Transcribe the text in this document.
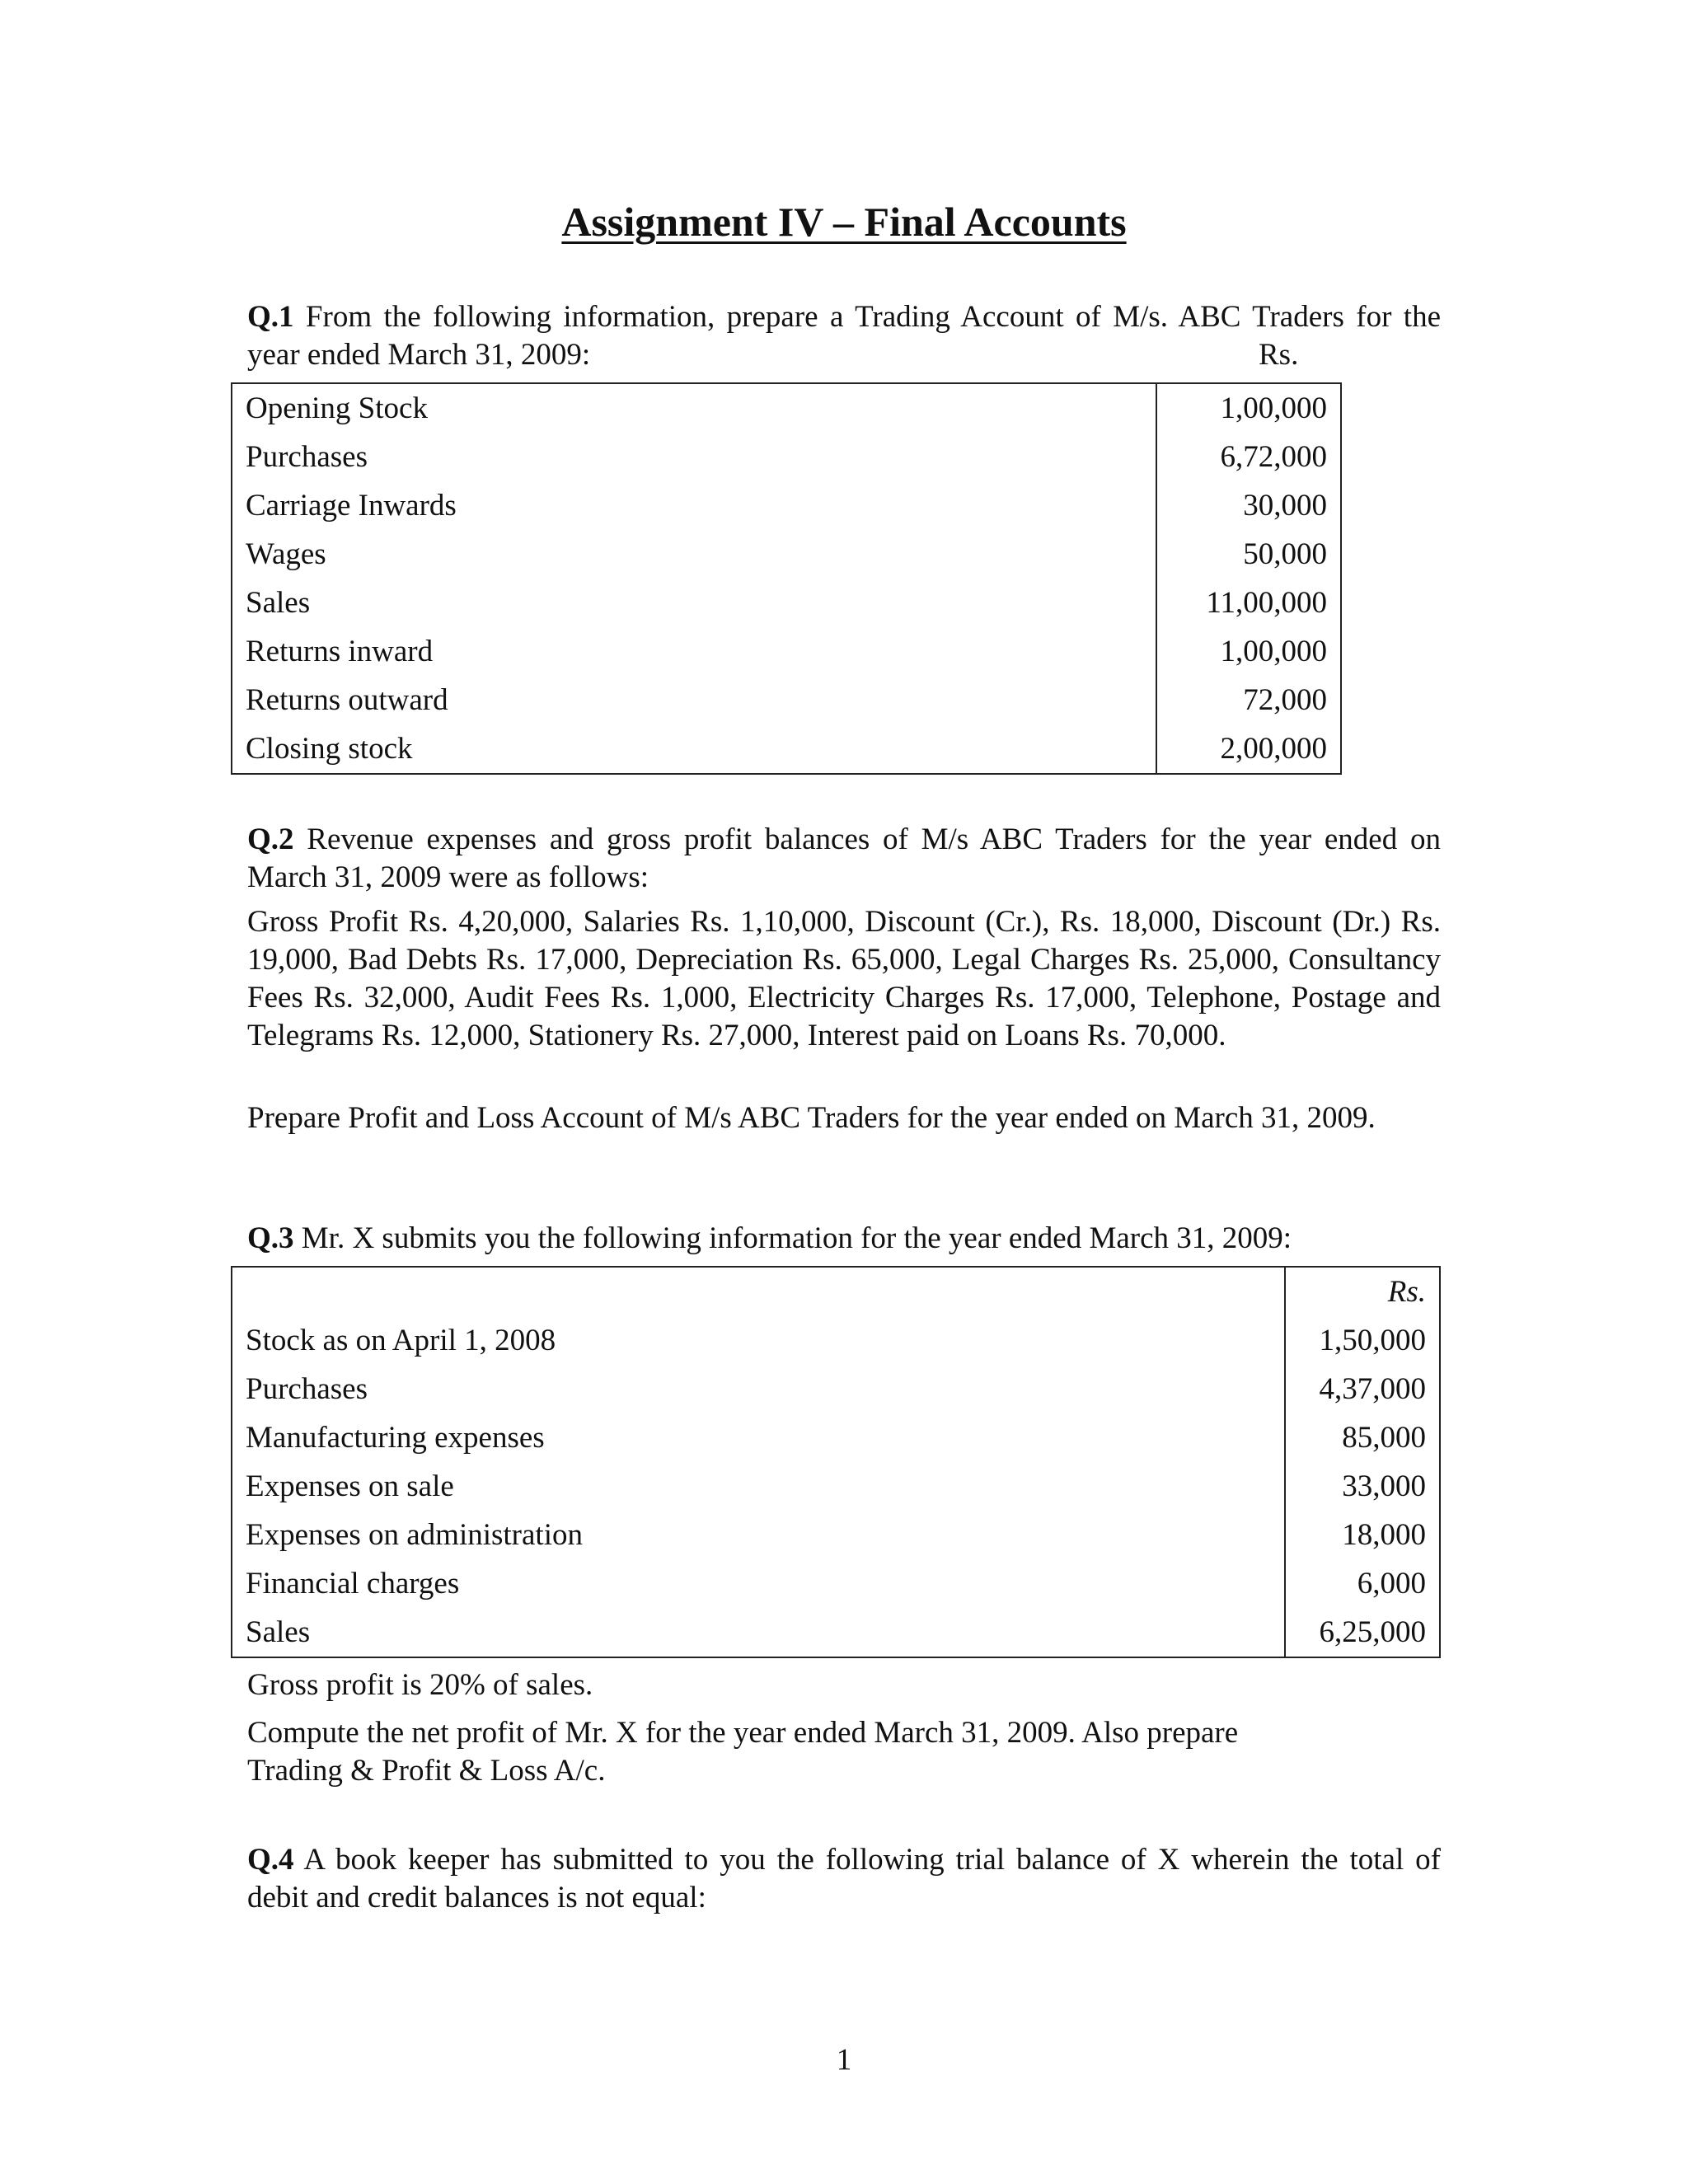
Assignment IV – Final Accounts

Q.1 From the following information, prepare a Trading Account of M/s. ABC Traders for the year ended March 31, 2009:	Rs.
Opening Stock	1,00,000
Purchases	6,72,000
Carriage Inwards	30,000
Wages	50,000
Sales	11,00,000
Returns inward	1,00,000
Returns outward	72,000
Closing stock	2,00,000

Q.2 Revenue expenses and gross profit balances of M/s ABC Traders for the year ended on March 31, 2009 were as follows:

Gross Profit Rs. 4,20,000, Salaries Rs. 1,10,000, Discount (Cr.), Rs. 18,000, Discount (Dr.) Rs. 19,000, Bad Debts Rs. 17,000, Depreciation Rs. 65,000, Legal Charges Rs. 25,000, Consultancy Fees Rs. 32,000, Audit Fees Rs. 1,000, Electricity Charges Rs. 17,000, Telephone, Postage and Telegrams Rs. 12,000, Stationery Rs. 27,000, Interest paid on Loans Rs. 70,000.

Prepare Profit and Loss Account of M/s ABC Traders for the year ended on March 31, 2009.

Q.3 Mr. X submits you the following information for the year ended March 31, 2009:

	Rs.
Stock as on April 1, 2008	1,50,000
Purchases	4,37,000
Manufacturing expenses	85,000
Expenses on sale	33,000
Expenses on administration	18,000
Financial charges	6,000
Sales	6,25,000

Gross profit is 20% of sales.

Compute the net profit of Mr. X for the year ended March 31, 2009. Also prepare
Trading & Profit & Loss A/c.

Q.4 A book keeper has submitted to you the following trial balance of X wherein the total of debit and credit balances is not equal:

1
